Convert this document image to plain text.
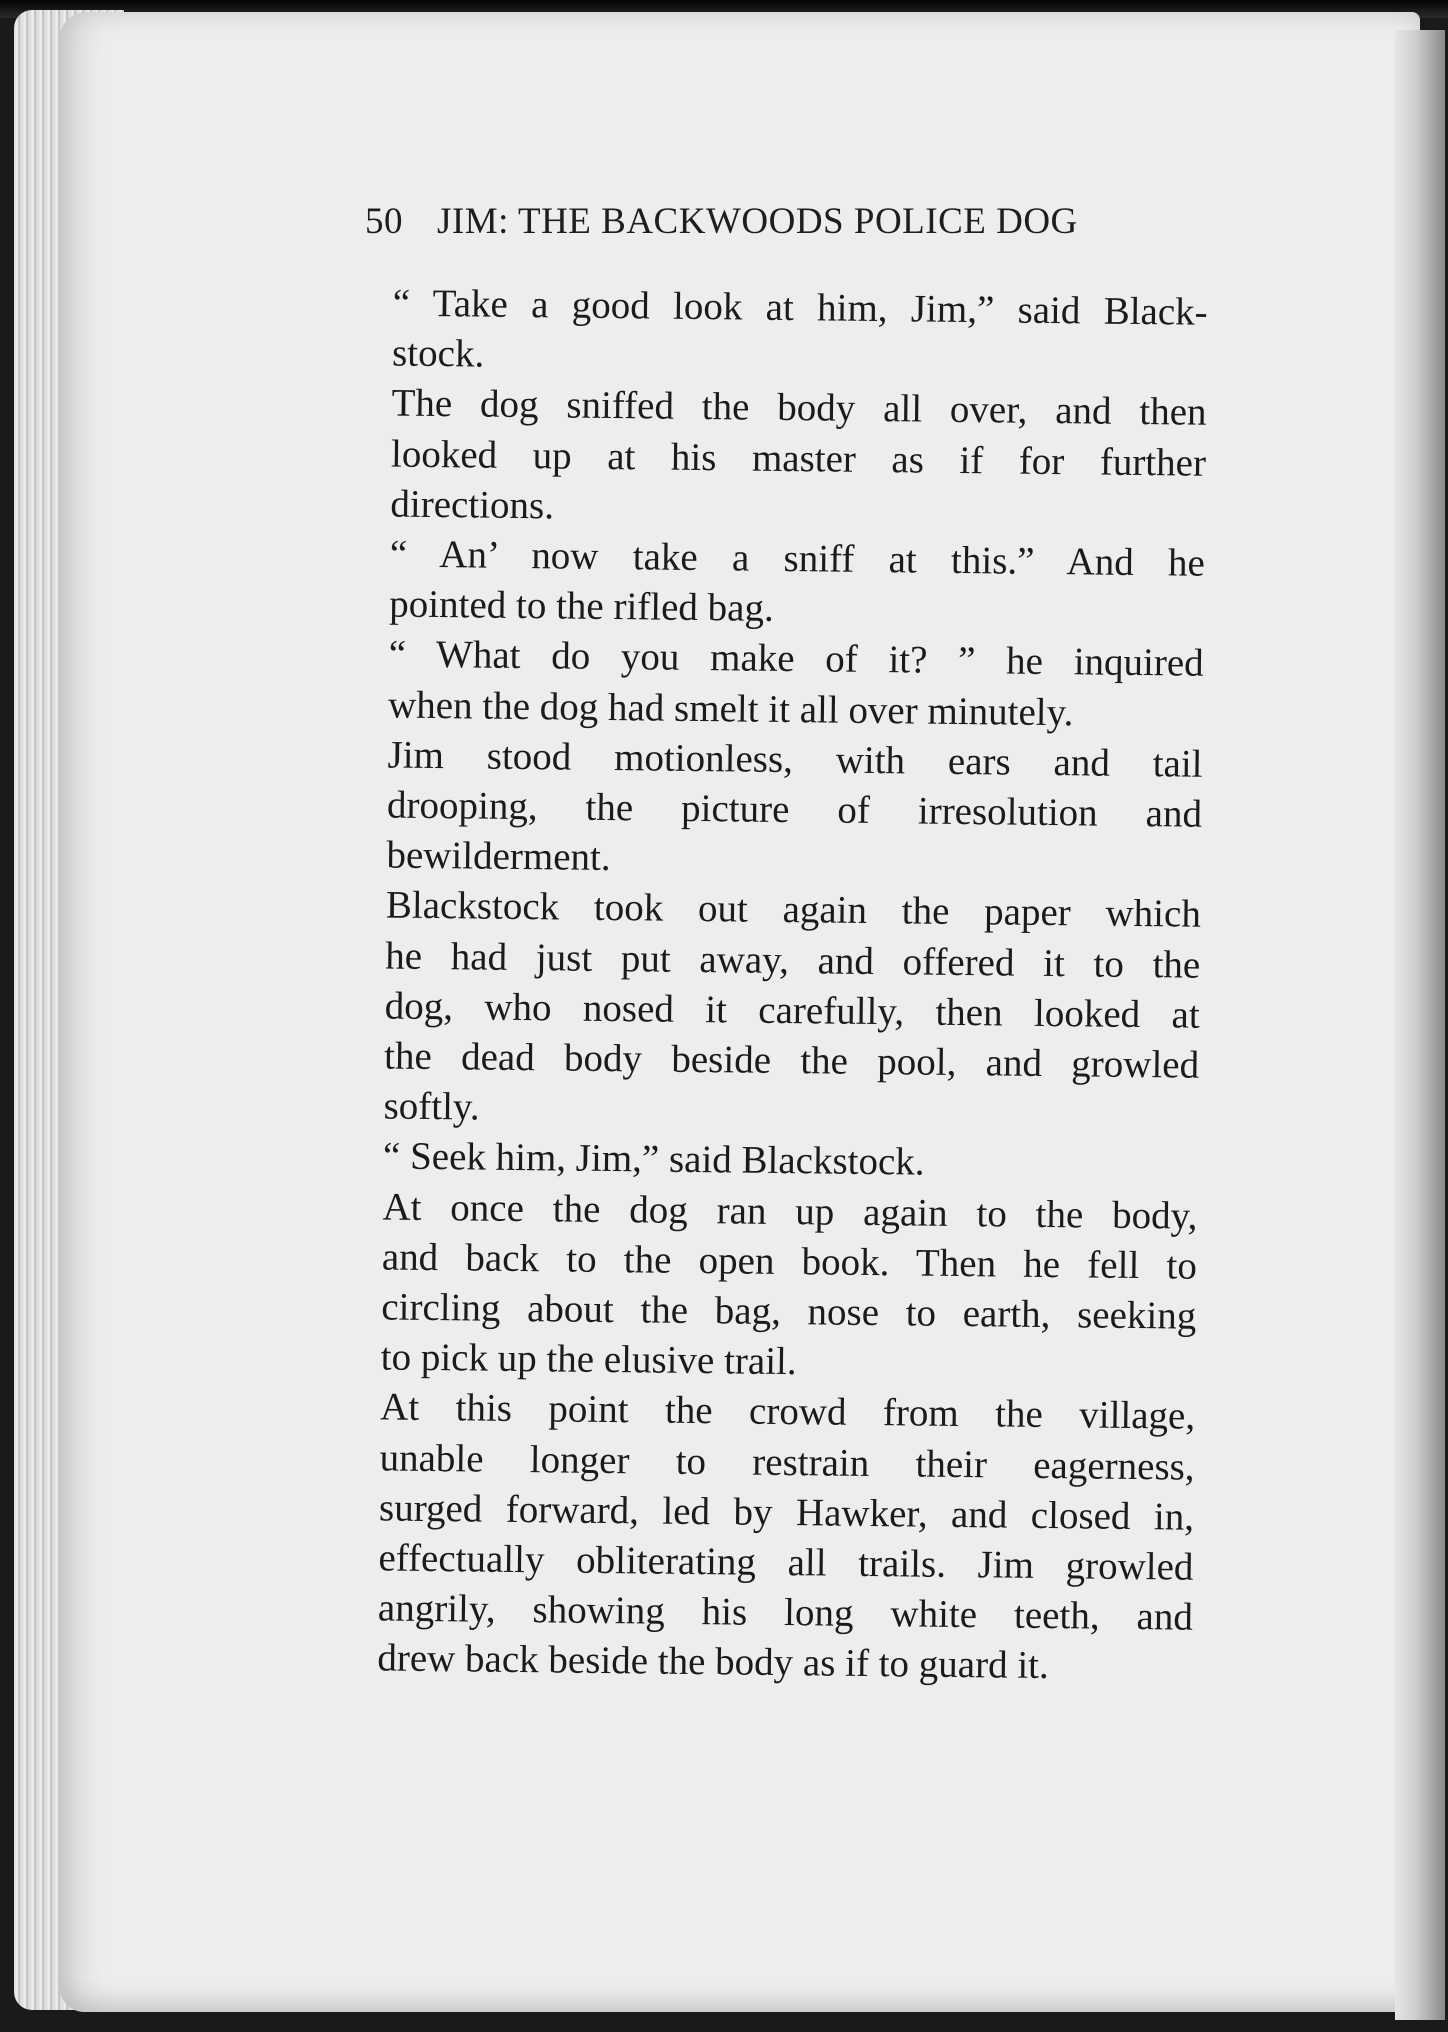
50 JIM: THE BACKWOODS POLICE DOG

“ Take a good look at him, Jim,” said Black-
stock.

The dog sniffed the body all over, and then
looked up at his master as if for further
directions.

“ An’ now take a sniff at this.” And he
pointed to the rifled bag.

“ What do you make of it? ” he inquired
when the dog had smelt it all over minutely.

Jim stood motionless, with ears and tail
drooping, the picture of irresolution and
bewilderment.

Blackstock took out again the paper which
he had just put away, and offered it to the
dog, who nosed it carefully, then looked at
the dead body beside the pool, and growled
softly.

“ Seek him, Jim,” said Blackstock.

At once the dog ran up again to the body,
and back to the open book. Then he fell to
circling about the bag, nose to earth, seeking
to pick up the elusive trail.

At this point the crowd from the village,
unable longer to restrain their eagerness,
surged forward, led by Hawker, and closed in,
effectually obliterating all trails. Jim growled
angrily, showing his long white teeth, and
drew back beside the body as if to guard it.
